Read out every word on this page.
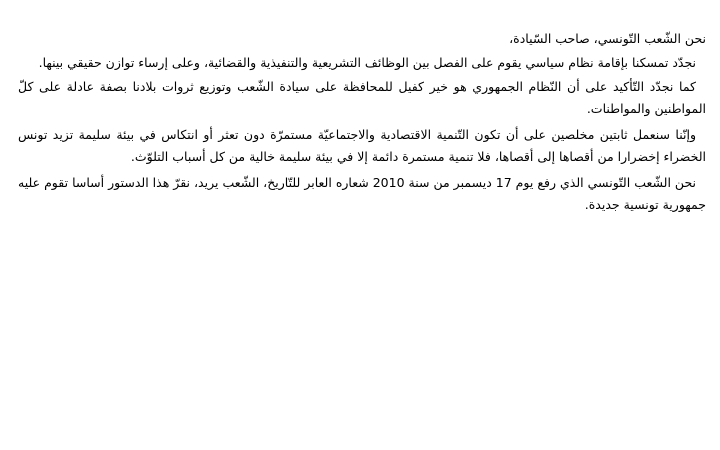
نحن الشّعب التّونسي، صاحب السّيادة،

نجدّد تمسكنا بإقامة نظام سياسي يقوم على الفصل بين الوظائف التشريعية والتنفيذية والقضائية، وعلى إرساء توازن حقيقي بينها.

كما نجدّد التّأكيد على أن النّظام الجمهوري هو خير كفيل للمحافظة على سيادة الشّعب وتوزيع ثروات بلادنا بصفة عادلة على كلّ المواطنين والمواطنات.

وإنّنا سنعمل ثابتين مخلصين على أن تكون التّنمية الاقتصادية والاجتماعيّة مستمرّة دون تعثر أو انتكاس في بيئة سليمة تزيد تونس الخضراء إخضرارا من أقصاها إلى أقصاها، فلا تنمية مستمرة دائمة إلا في بيئة سليمة خالية من كل أسباب التلوّث.

نحن الشّعب التّونسي الذي رفع يوم 17 ديسمبر من سنة 2010 شعاره العابر للتّاريخ، الشّعب يريد، نقرّ هذا الدستور أساسا تقوم عليه جمهورية تونسية جديدة.
